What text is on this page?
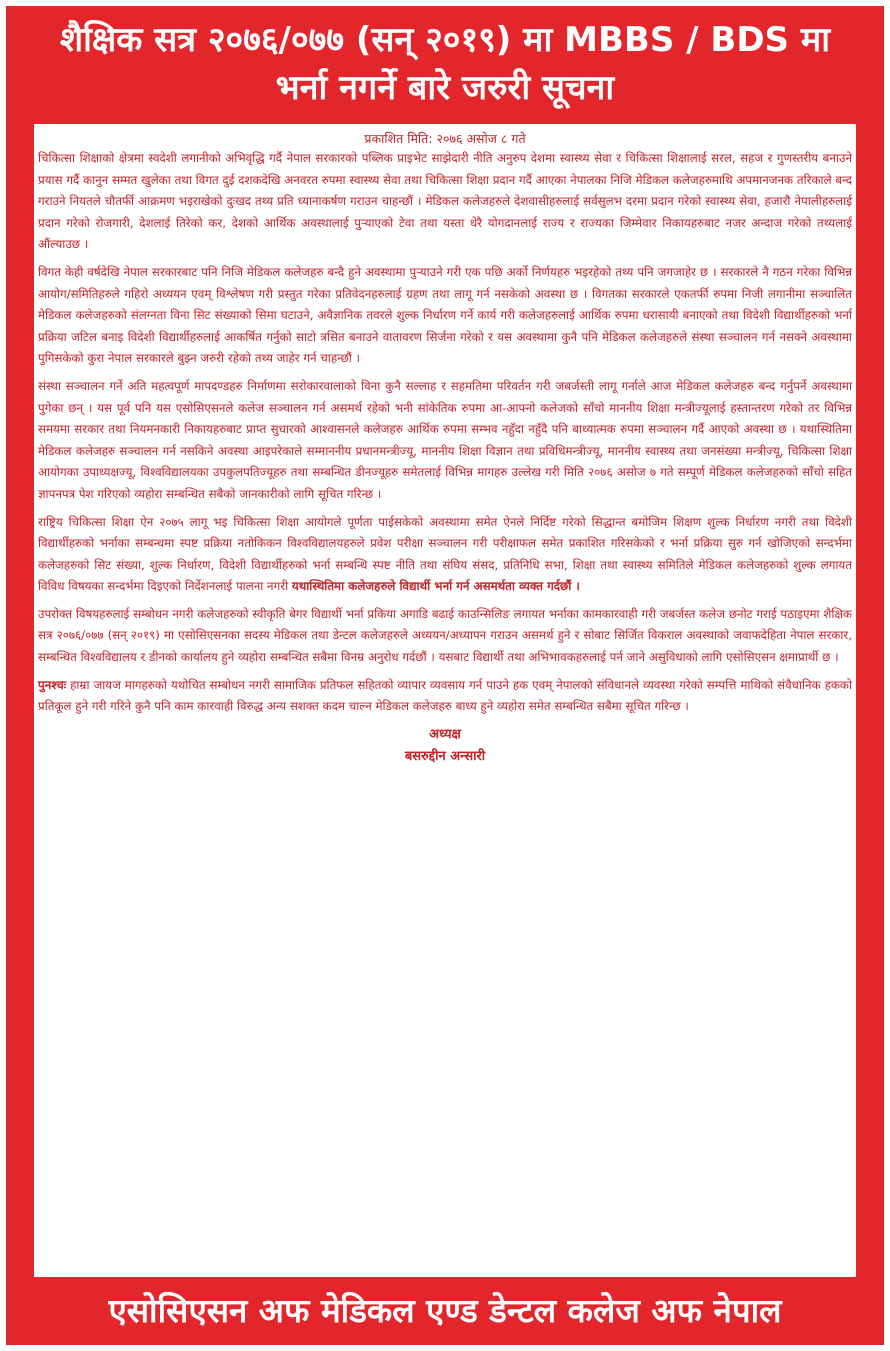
शैक्षिक सत्र २०७६/०७७ (सन् २०१९) मा MBBS / BDS मा
भर्ना नगर्ने बारे जरुरी सूचना
प्रकाशित मिति: २०७६ असोज ८ गते

चिकित्सा शिक्षाको क्षेत्रमा स्वदेशी लगानीको अभिवृद्धि गर्दै नेपाल सरकारको पब्लिक प्राइभेट साझेदारी नीति अनुरुप देशमा स्वास्थ्य सेवा र चिकित्सा शिक्षालाई सरल, सहज र गुणस्तरीय बनाउने प्रयास गर्दै कानुन सम्मत खुलेका तथा विगत दुई दशकदेखि अनवरत रुपमा स्वास्थ्य सेवा तथा चिकित्सा शिक्षा प्रदान गर्दै आएका नेपालका निजि मेडिकल कलेजहरुमाथि अपमानजनक तरिकाले बन्द गराउने नियतले चौतर्फी आक्रमण भइराखेको दुःखद तथ्य प्रति ध्यानाकर्षण गराउन चाहन्छौं । मेडिकल कलेजहरुले देशवासीहरुलाई सर्वसुलभ दरमा प्रदान गरेको स्वास्थ्य सेवा, हजारौ नेपालीहरुलाई प्रदान गरेको रोजगारी, देशलाई तिरेको कर, देशको आर्थिक अवस्थालाई पुऱ्याएको टेवा तथा यस्ता धेरै योगदानलाई राज्य र राज्यका जिम्मेवार निकायहरुबाट नजर अन्दाज गरेको तथ्यलाई औंल्याउछ ।

विगत केही वर्षदेखि नेपाल सरकारबाट पनि निजि मेडिकल कलेजहरु बन्दै हुने अवस्थामा पुऱ्याउने गरी एक पछि अर्को निर्णयहरु भइरहेको तथ्य पनि जगजाहेर छ । सरकारले नै गठन गरेका विभिन्न आयोग/समितिहरुले गहिरो अध्ययन एवम् विश्लेषण गरी प्रस्तुत गरेका प्रतिवेदनहरुलाई ग्रहण तथा लागू गर्न नसकेको अवस्था छ । विगतका सरकारले एकतर्फी रुपमा निजी लगानीमा सञ्चालित मेडिकल कलेजहरुको संलग्नता विना सिट संख्याको सिमा घटाउने, अवैज्ञानिक तवरले शुल्क निर्धारण गर्ने कार्य गरी कलेजहरुलाई आर्थिक रुपमा धरासायी बनाएको तथा विदेशी विद्यार्थीहरुको भर्ना प्रक्रिया जटिल बनाइ विदेशी विद्यार्थीहरुलाई आकर्षित गर्नुको साटो त्रसित बनाउने वातावरण सिर्जना गरेको र यस अवस्थामा कुनै पनि मेडिकल कलेजहरुले संस्था सञ्चालन गर्न नसक्ने अवस्थामा पुगिसकेको कुरा नेपाल सरकारले बुझ्न जरुरी रहेको तथ्य जाहेर गर्न चाहन्छौं ।

संस्था सञ्चालन गर्ने अति महत्वपूर्ण मापदण्डहरु निर्माणमा सरोकारवालाको विना कुनै सल्लाह र सहमतिमा परिवर्तन गरी जबर्जस्ती लागू गर्नाले आज मेडिकल कलेजहरु बन्द गर्नुपर्ने अवस्थामा पुगेका छन् । यस पूर्व पनि यस एसोसिएसनले कलेज सञ्चालन गर्न असमर्थ रहेको भनी सांकेतिक रुपमा आ-आफ्नो कलेजको साँचो माननीय शिक्षा मन्त्रीज्यूलाई हस्तान्तरण गरेको तर विभिन्न समयमा सरकार तथा नियमनकारी निकायहरुबाट प्राप्त सुधारको आश्वासनले कलेजहरु आर्थिक रुपमा सम्भव नहुँदा नहुँदै पनि बाध्यात्मक रुपमा सञ्चालन गर्दै आएको अवस्था छ । यथास्थितिमा मेडिकल कलेजहरु सञ्चालन गर्न नसकिने अवस्था आइपरेकाले सम्माननीय प्रधानमन्त्रीज्यू, माननीय शिक्षा विज्ञान तथा प्रविधिमन्त्रीज्यू, माननीय स्वास्थ्य तथा जनसंख्या मन्त्रीज्यू, चिकित्सा शिक्षा आयोगका उपाध्यक्षज्यू, विश्वविद्यालयका उपकुलपतिज्यूहरु तथा सम्बन्धित डीनज्यूहरु समेतलाई विभिन्न मागहरु उल्लेख गरी मिति २०७६ असोज ७ गते सम्पूर्ण मेडिकल कलेजहरुको साँचो सहित ज्ञापनपत्र पेश गरिएको व्यहोरा सम्बन्धित सबैको जानकारीको लागि सूचित गरिन्छ ।

राष्ट्रिय चिकित्सा शिक्षा ऐन २०७५ लागू भइ चिकित्सा शिक्षा आयोगले पूर्णता पाईसकेको अवस्थामा समेत ऐनले निर्दिष्ट गरेको सिद्धान्त बमोजिम शिक्षण शुल्क निर्धारण नगरी तथा विदेशी विद्यार्थीहरुको भर्नाका सम्बन्धमा स्पष्ट प्रक्रिया नतोकिकन विश्वविद्यालयहरुले प्रवेश परीक्षा सञ्चालन गरी परीक्षाफल समेत प्रकाशित गरिसकेको र भर्ना प्रक्रिया सुरु गर्न खोजिएको सन्दर्भमा कलेजहरुको सिट संख्या, शुल्क निर्धारण, विदेशी विद्यार्थीहरुको भर्ना सम्बन्धि स्पष्ट नीति तथा संघिय संसद, प्रतिनिधि सभा, शिक्षा तथा स्वास्थ्य समितिले मेडिकल कलेजहरुको शुल्क लगायत विविध विषयका सन्दर्भमा दिइएको निर्देशनलाई पालना नगरी यथास्थितिमा कलेजहरुले विद्यार्थी भर्ना गर्न असमर्थता व्यक्त गर्दछौं ।

उपरोक्त विषयहरुलाई सम्बोधन नगरी कलेजहरुको स्वीकृति बेगर विद्यार्थी भर्ना प्रकिया अगाडि बढाई काउन्सिलिङ लगायत भर्नाका कामकारवाही गरी जबर्जस्त कलेज छनोट गराई पठाइएमा शैक्षिक सत्र २०७६/०७७ (सन् २०१९) मा एसोसिएसनका सदस्य मेडिकल तथा डेन्टल कलेजहरुले अध्ययन/अध्यापन गराउन असमर्थ हुने र सोबाट सिर्जित विकराल अवस्थाको जवाफदेहिता नेपाल सरकार, सम्बन्धित विश्वविद्यालय र डीनको कार्यालय हुने व्यहोरा सम्बन्धित सबैमा विनम्र अनुरोध गर्दछौं । यसबाट विद्यार्थी तथा अभिभावकहरुलाई पर्न जाने असुविधाको लागि एसोसिएसन क्षमाप्रार्थी छ ।

पुनश्चः हाम्रा जायज मागहरुको यथोचित सम्बोधन नगरी सामाजिक प्रतिफल सहितको व्यापार व्यवसाय गर्न पाउने हक एवम् नेपालको संविधानले व्यवस्था गरेको सम्पत्ति माथिको संवैधानिक हकको प्रतिकूल हुने गरी गरिने कुनै पनि काम कारवाही विरुद्ध अन्य सशक्त कदम चाल्न मेडिकल कलेजहरु बाध्य हुने व्यहोरा समेत सम्बन्धित सबैमा सूचित गरिन्छ ।

अध्यक्ष
बसरुद्दीन अन्सारी
एसोसिएसन अफ मेडिकल एण्ड डेन्टल कलेज अफ नेपाल
